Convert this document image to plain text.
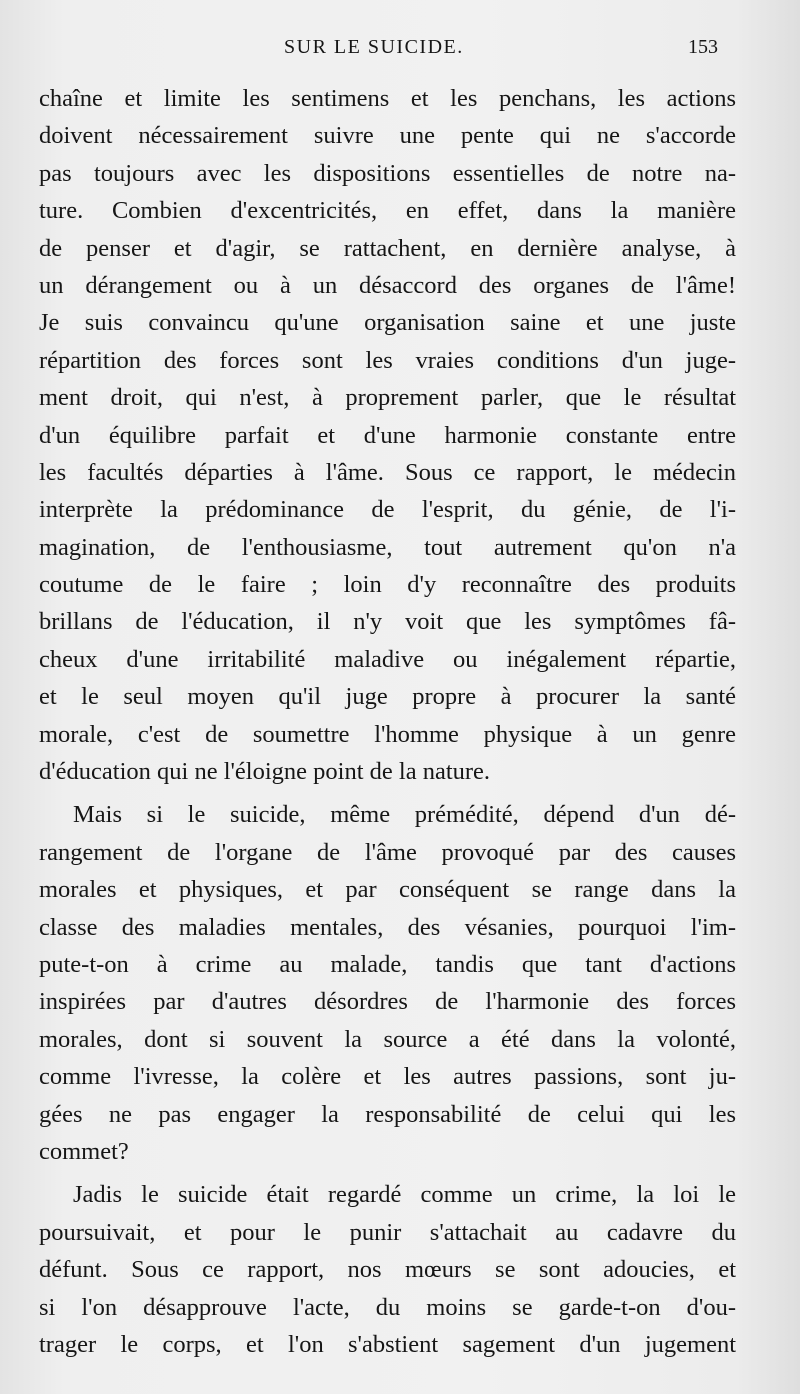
SUR LE SUICIDE.	153
chaîne et limite les sentimens et les penchans, les actions
doivent nécessairement suivre une pente qui ne s'accorde
pas toujours avec les dispositions essentielles de notre na-
ture. Combien d'excentricités, en effet, dans la manière
de penser et d'agir, se rattachent, en dernière analyse, à
un dérangement ou à un désaccord des organes de l'âme!
Je suis convaincu qu'une organisation saine et une juste
répartition des forces sont les vraies conditions d'un juge-
ment droit, qui n'est, à proprement parler, que le résultat
d'un équilibre parfait et d'une harmonie constante entre
les facultés départies à l'âme. Sous ce rapport, le médecin
interprète la prédominance de l'esprit, du génie, de l'i-
magination, de l'enthousiasme, tout autrement qu'on n'a
coutume de le faire ; loin d'y reconnaître des produits
brillans de l'éducation, il n'y voit que les symptômes fâ-
cheux d'une irritabilité maladive ou inégalement répartie,
et le seul moyen qu'il juge propre à procurer la santé
morale, c'est de soumettre l'homme physique à un genre
d'éducation qui ne l'éloigne point de la nature.
Mais si le suicide, même prémédité, dépend d'un dé-
rangement de l'organe de l'âme provoqué par des causes
morales et physiques, et par conséquent se range dans la
classe des maladies mentales, des vésanies, pourquoi l'im-
pute-t-on à crime au malade, tandis que tant d'actions
inspirées par d'autres désordres de l'harmonie des forces
morales, dont si souvent la source a été dans la volonté,
comme l'ivresse, la colère et les autres passions, sont ju-
gées ne pas engager la responsabilité de celui qui les
commet?
Jadis le suicide était regardé comme un crime, la loi le
poursuivait, et pour le punir s'attachait au cadavre du
défunt. Sous ce rapport, nos mœurs se sont adoucies, et
si l'on désapprouve l'acte, du moins se garde-t-on d'ou-
trager le corps, et l'on s'abstient sagement d'un jugement
